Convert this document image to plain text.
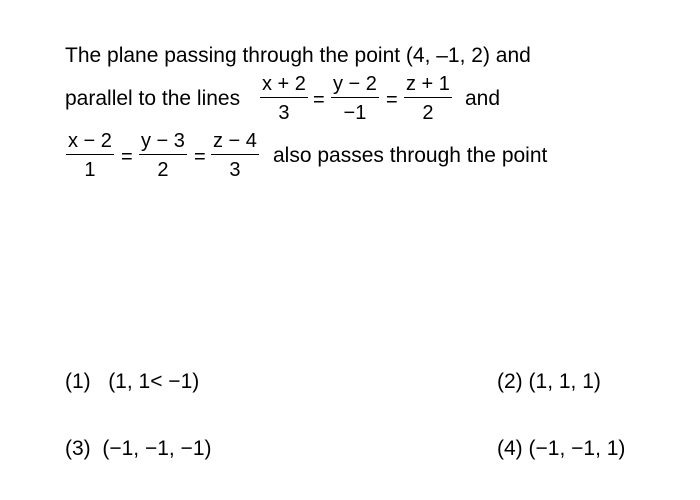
The plane passing through the point (4, –1, 2) and
parallel to the lines
x + 2
3
=
y − 2
−1
=
z + 1
2
and
x − 2
1
=
y − 3
2
=
z − 4
3
also passes through the point
(1) (1, 1< −1)	(2) (1, 1, 1)
(3) (−1, −1, −1)	(4) (−1, −1, 1)
